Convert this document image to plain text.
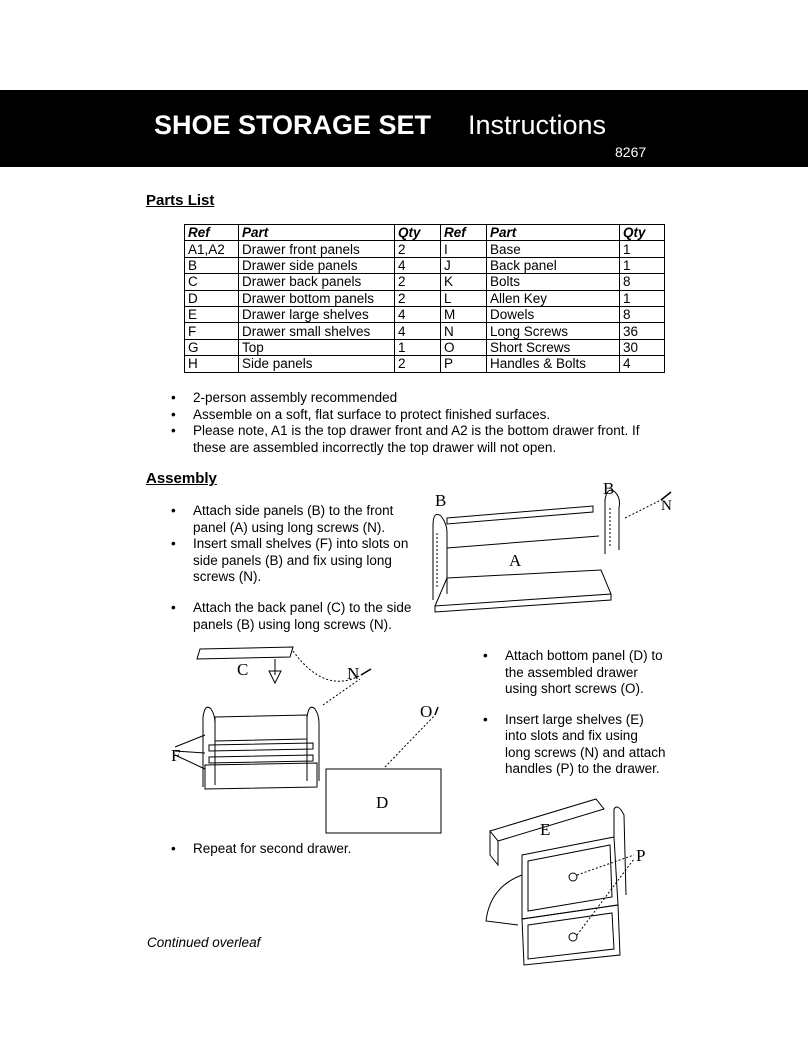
SHOE STORAGE SET Instructions
8267
Parts List
Ref	Part	Qty	Ref	Part	Qty
A1,A2	Drawer front panels	2	I	Base	1
B	Drawer side panels	4	J	Back panel	1
C	Drawer back panels	2	K	Bolts	8
D	Drawer bottom panels	2	L	Allen Key	1
E	Drawer large shelves	4	M	Dowels	8
F	Drawer small shelves	4	N	Long Screws	36
G	Top	1	O	Short Screws	30
H	Side panels	2	P	Handles & Bolts	4
• 2-person assembly recommended
• Assemble on a soft, flat surface to protect finished surfaces.
• Please note, A1 is the top drawer front and A2 is the bottom drawer front. If these are assembled incorrectly the top drawer will not open.
Assembly
• Attach side panels (B) to the front panel (A) using long screws (N).
• Insert small shelves (F) into slots on side panels (B) and fix using long screws (N).
• Attach the back panel (C) to the side panels (B) using long screws (N).
• Attach bottom panel (D) to the assembled drawer using short screws (O).
• Insert large shelves (E) into slots and fix using long screws (N) and attach handles (P) to the drawer.
• Repeat for second drawer.
B
B
N
A
C	N
O
F
D
E
P
Continued overleaf
